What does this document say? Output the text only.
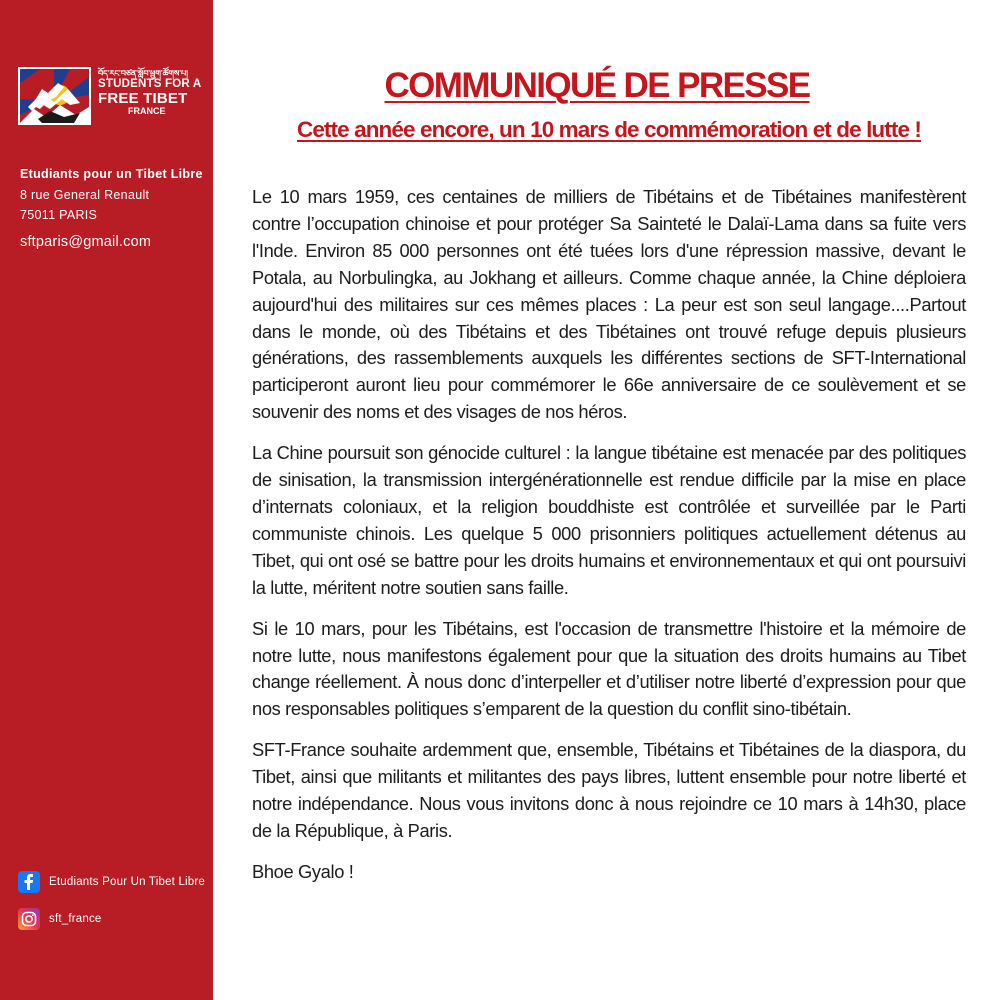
བོད་རང་བཙན་སློབ་ཕྲུག་ཚོགས་པ།
STUDENTS FOR A
FREE TIBET
FRANCE
Etudiants pour un Tibet Libre
8 rue General Renault
75011 PARIS
sftparis@gmail.com
Etudiants Pour Un Tibet Libre
sft_france
COMMUNIQUÉ DE PRESSE
Cette année encore, un 10 mars de commémoration et de lutte !

Le 10 mars 1959, ces centaines de milliers de Tibétains et de Tibétaines manifestèrent contre l’occupation chinoise et pour protéger Sa Sainteté le Dalaï-Lama dans sa fuite vers l'Inde. Environ 85 000 personnes ont été tuées lors d'une répression massive, devant le Potala, au Norbulingka, au Jokhang et ailleurs. Comme chaque année, la Chine déploiera aujourd'hui des militaires sur ces mêmes places : La peur est son seul langage....Partout dans le monde, où des Tibétains et des Tibétaines ont trouvé refuge depuis plusieurs générations, des rassemblements auxquels les différentes sections de SFT-International participeront auront lieu pour commémorer le 66e anniversaire de ce soulèvement et se souvenir des noms et des visages de nos héros.

La Chine poursuit son génocide culturel : la langue tibétaine est menacée par des politiques de sinisation, la transmission intergénérationnelle est rendue difficile par la mise en place d’internats coloniaux, et la religion bouddhiste est contrôlée et surveillée par le Parti communiste chinois. Les quelque 5 000 prisonniers politiques actuellement détenus au Tibet, qui ont osé se battre pour les droits humains et environnementaux et qui ont poursuivi la lutte, méritent notre soutien sans faille.

Si le 10 mars, pour les Tibétains, est l'occasion de transmettre l'histoire et la mémoire de notre lutte, nous manifestons également pour que la situation des droits humains au Tibet change réellement. À nous donc d’interpeller et d’utiliser notre liberté d’expression pour que nos responsables politiques s’emparent de la question du conflit sino-tibétain.

SFT-France souhaite ardemment que, ensemble, Tibétains et Tibétaines de la diaspora, du Tibet, ainsi que militants et militantes des pays libres, luttent ensemble pour notre liberté et notre indépendance. Nous vous invitons donc à nous rejoindre ce 10 mars à 14h30, place de la République, à Paris.

Bhoe Gyalo !
